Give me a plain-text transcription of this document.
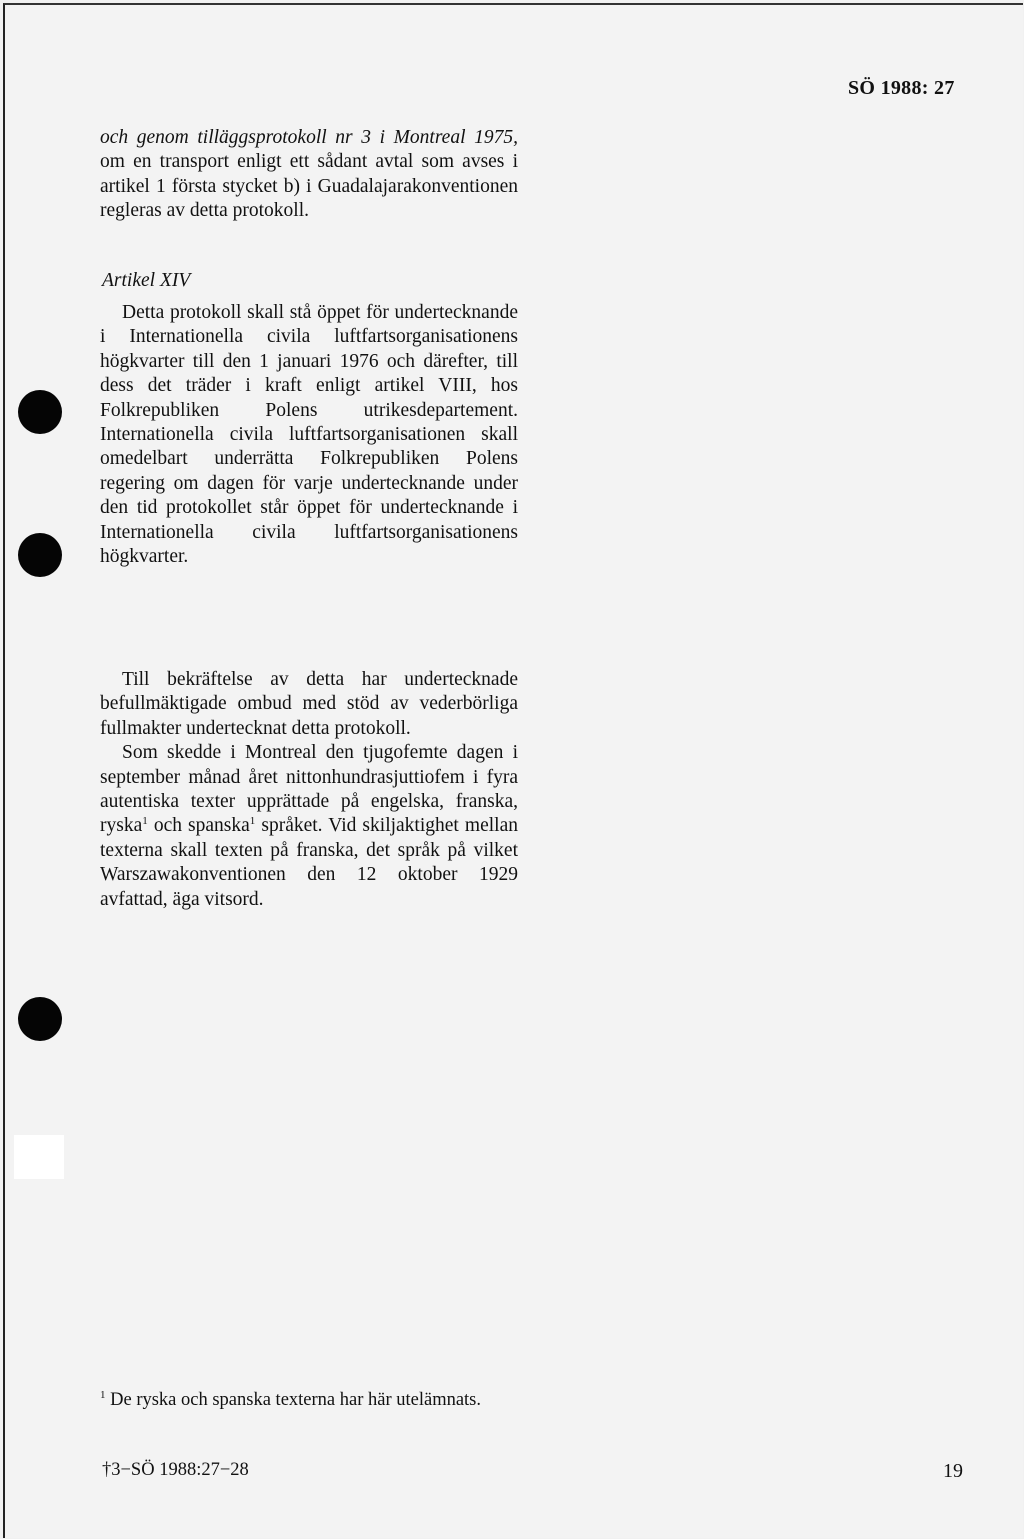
SÖ 1988: 27

och genom tilläggsprotokoll nr 3 i Montreal 1975, om en transport enligt ett sådant avtal som avses i artikel 1 första stycket b) i Guadalajarakonventionen regleras av detta protokoll.

Artikel XIV

Detta protokoll skall stå öppet för undertecknande i Internationella civila luftfartsorganisationens högkvarter till den 1 januari 1976 och därefter, till dess det träder i kraft enligt artikel VIII, hos Folkrepubliken Polens utrikesdepartement. Internationella civila luftfartsorganisationen skall omedelbart underrätta Folkrepubliken Polens regering om dagen för varje undertecknande under den tid protokollet står öppet för undertecknande i Internationella civila luftfartsorganisationens högkvarter.

Till bekräftelse av detta har undertecknade befullmäktigade ombud med stöd av vederbörliga fullmakter undertecknat detta protokoll.

Som skedde i Montreal den tjugofemte dagen i september månad året nittonhundrasjuttiofem i fyra autentiska texter upprättade på engelska, franska, ryska$^1$ och spanska$^1$ språket. Vid skiljaktighet mellan texterna skall texten på franska, det språk på vilket Warszawakonventionen den 12 oktober 1929 avfattad, äga vitsord.

$^1$ De ryska och spanska texterna har här utelämnats.
†3−SÖ 1988:27−28	19
